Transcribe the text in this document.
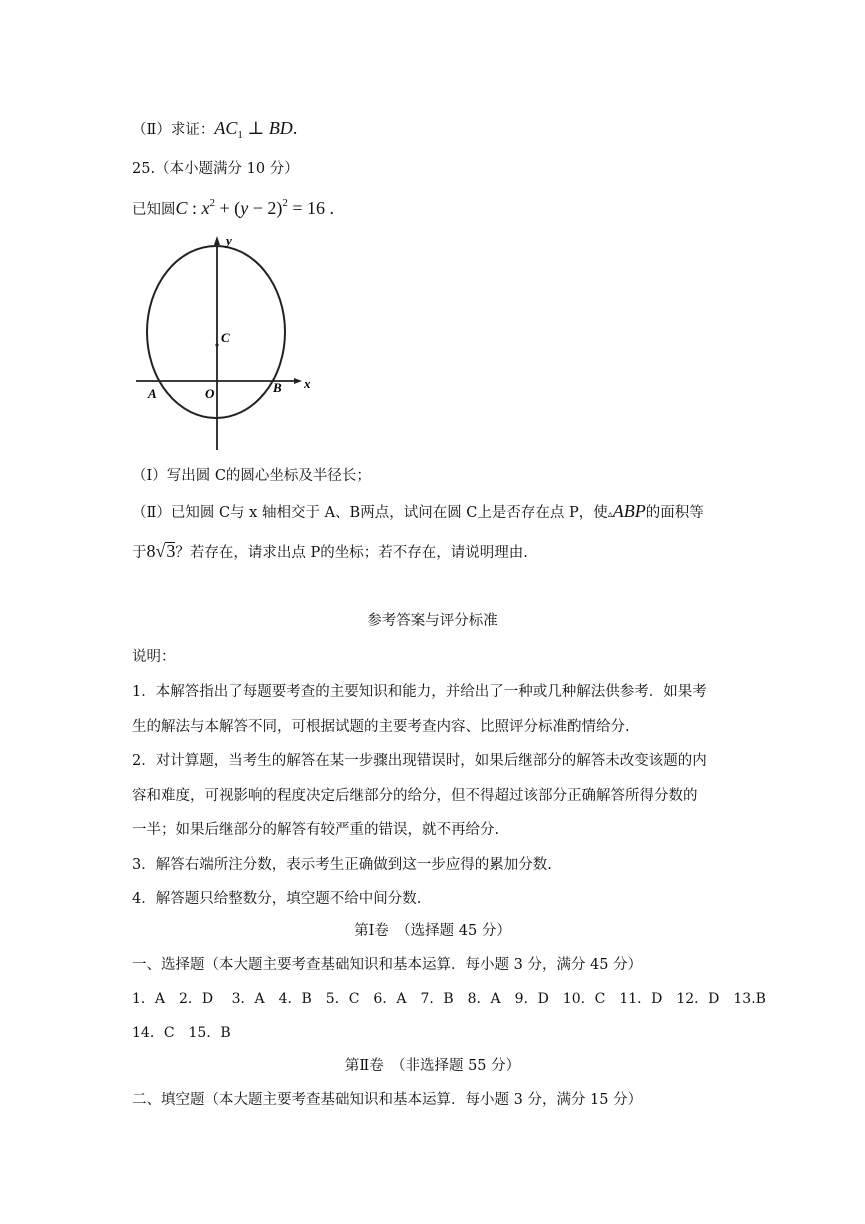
（Ⅱ）求证：$AC_1$ ⊥ BD.
25.（本小题满分 10 分）
已知圆C : $x^2 + (y - 2)^2 = 16$ .
y
x
C
O
A	B
（Ⅰ）写出圆 C的圆心坐标及半径长；
（Ⅱ）已知圆 C与 x 轴相交于 A、B两点，试问在圆 C上是否存在点 P，使▵ABP的面积等
于8√3？若存在，请求出点 P的坐标；若不存在，请说明理由.
参考答案与评分标准
说明：
1．本解答指出了每题要考查的主要知识和能力，并给出了一种或几种解法供参考．如果考
生的解法与本解答不同，可根据试题的主要考查内容、比照评分标准酌情给分.
2．对计算题，当考生的解答在某一步骤出现错误时，如果后继部分的解答未改变该题的内
容和难度，可视影响的程度决定后继部分的给分，但不得超过该部分正确解答所得分数的
一半；如果后继部分的解答有较严重的错误，就不再给分.
3．解答右端所注分数，表示考生正确做到这一步应得的累加分数.
4．解答题只给整数分，填空题不给中间分数.
第Ⅰ卷　（选择题 45 分）
一、选择题（本大题主要考查基础知识和基本运算．每小题 3 分，满分 45 分）
1．A　2．D　 3．A　4．B　5．C　6．A　7．B　8．A　9．D　10．C　11．D　12．D　13.B
14．C　15．B
第Ⅱ卷　（非选择题 55 分）
二、填空题（本大题主要考查基础知识和基本运算．每小题 3 分，满分 15 分）
